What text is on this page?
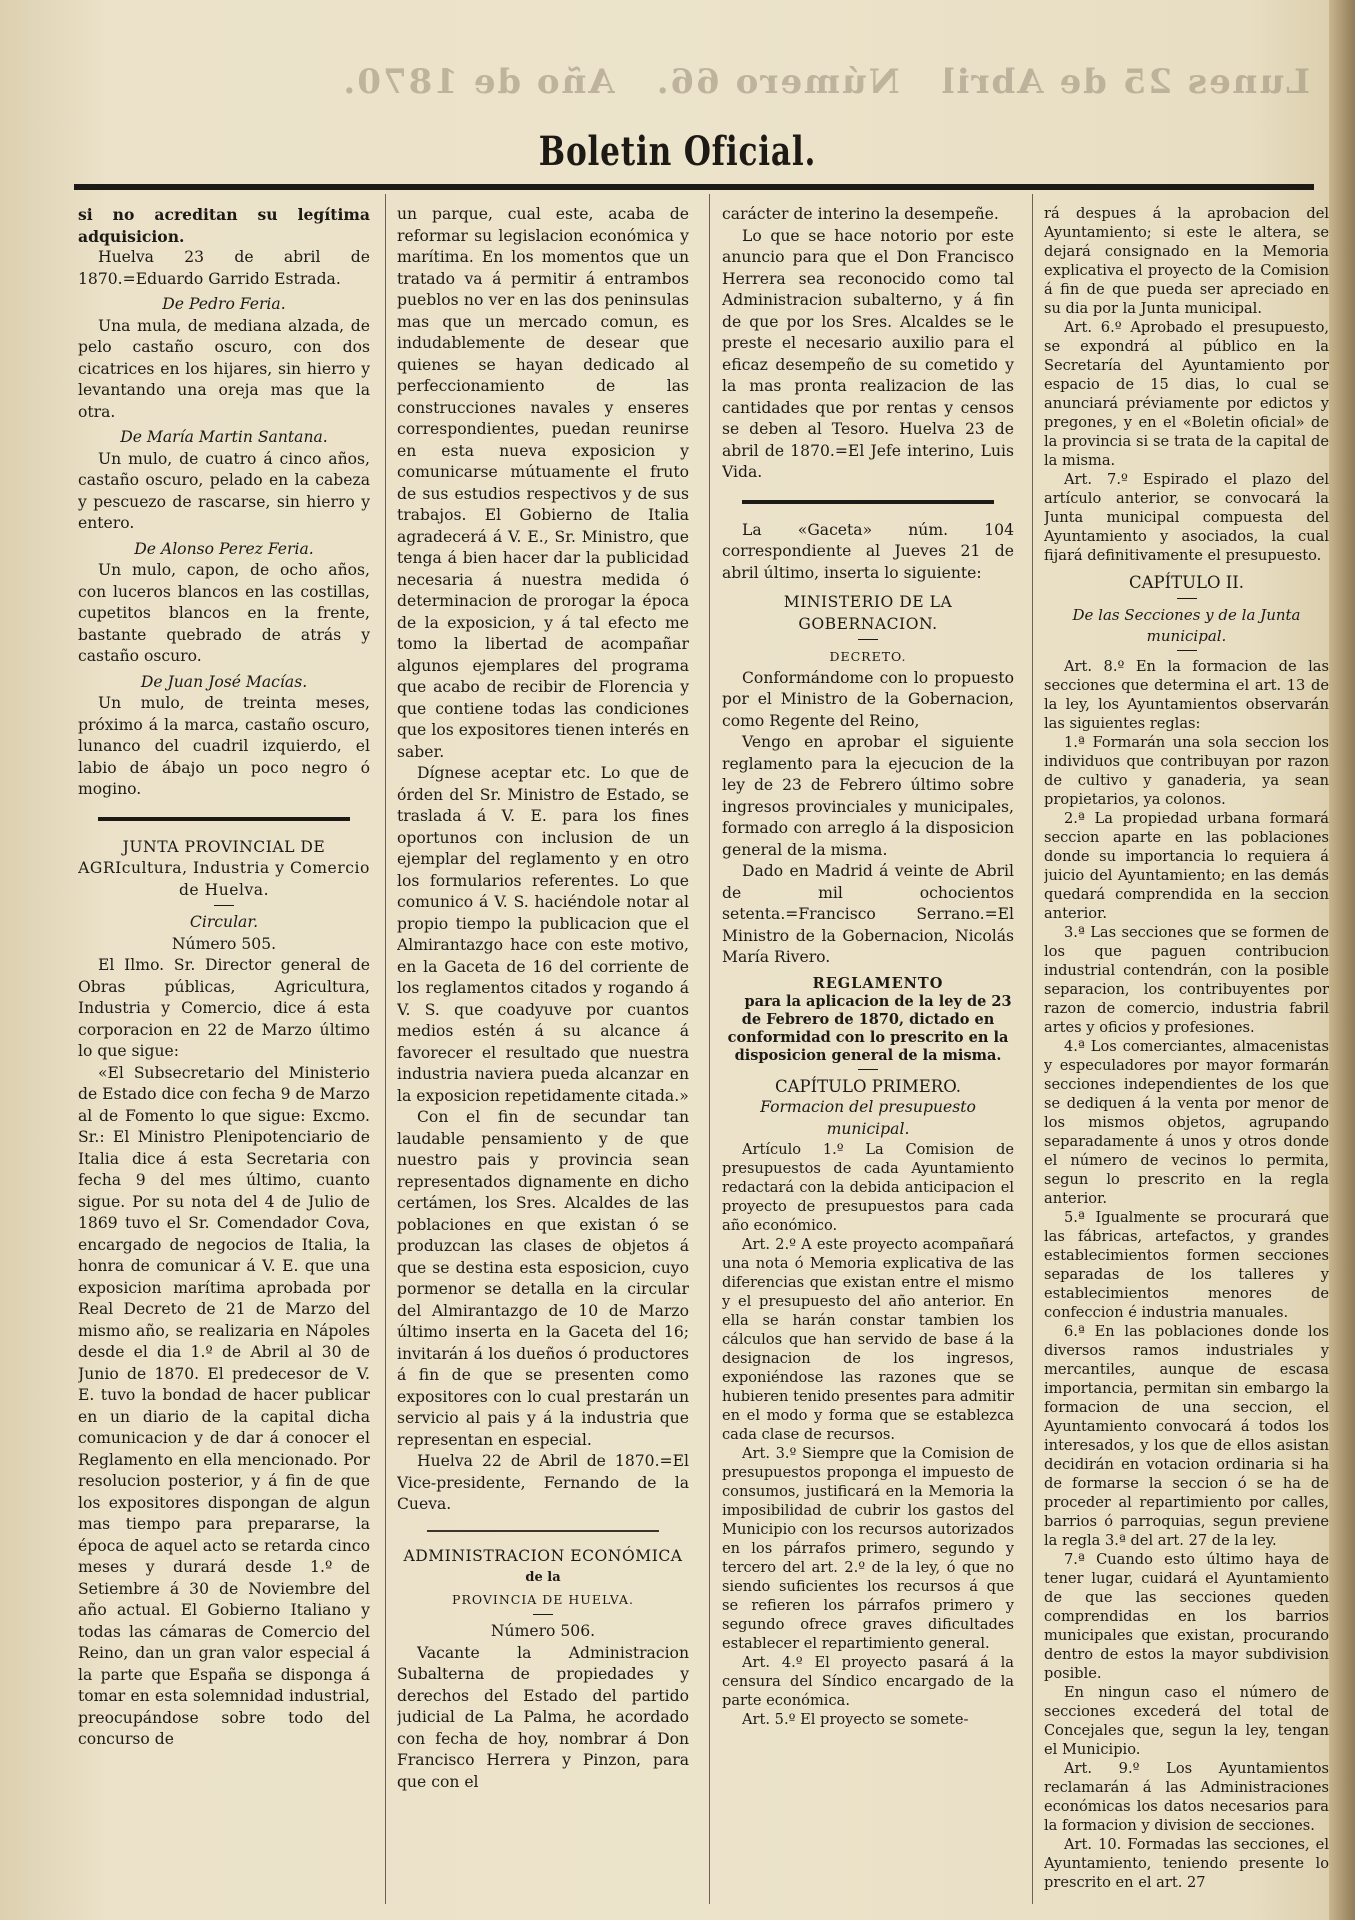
Lunes 25 de Abril
Número 66.
Año de 1870.
Boletin Oficial.

si no acreditan su legítima adquisicion.

Huelva 23 de abril de 1870.=Eduardo Garrido Estrada.

De Pedro Feria.

Una mula, de mediana alzada, de pelo castaño oscuro, con dos cicatrices en los hijares, sin hierro y levantando una oreja mas que la otra.

De María Martin Santana.

Un mulo, de cuatro á cinco años, castaño oscuro, pelado en la cabeza y pescuezo de rascarse, sin hierro y entero.

De Alonso Perez Feria.

Un mulo, capon, de ocho años, con luceros blancos en las costillas, cupetitos blancos en la frente, bastante quebrado de atrás y castaño oscuro.

De Juan José Macías.

Un mulo, de treinta meses, próximo á la marca, castaño oscuro, lunanco del cuadril izquierdo, el labio de ábajo un poco negro ó mogino.

JUNTA PROVINCIAL DE AGRIcultura, Industria y Comercio de Huelva.

Circular.

Número 505.

El Ilmo. Sr. Director general de Obras públicas, Agricultura, Industria y Comercio, dice á esta corporacion en 22 de Marzo último lo que sigue:

«El Subsecretario del Ministerio de Estado dice con fecha 9 de Marzo al de Fomento lo que sigue: Excmo. Sr.: El Ministro Plenipotenciario de Italia dice á esta Secretaria con fecha 9 del mes último, cuanto sigue. Por su nota del 4 de Julio de 1869 tuvo el Sr. Comendador Cova, encargado de negocios de Italia, la honra de comunicar á V. E. que una exposicion marítima aprobada por Real Decreto de 21 de Marzo del mismo año, se realizaria en Nápoles desde el dia 1.º de Abril al 30 de Junio de 1870. El predecesor de V. E. tuvo la bondad de hacer publicar en un diario de la capital dicha comunicacion y de dar á conocer el Reglamento en ella mencionado. Por resolucion posterior, y á fin de que los expositores dispongan de algun mas tiempo para prepararse, la época de aquel acto se retarda cinco meses y durará desde 1.º de Setiembre á 30 de Noviembre del año actual. El Gobierno Italiano y todas las cámaras de Comercio del Reino, dan un gran valor especial á la parte que España se disponga á tomar en esta solemnidad industrial, preocupándose sobre todo del concurso de

un parque, cual este, acaba de reformar su legislacion económica y marítima. En los momentos que un tratado va á permitir á entrambos pueblos no ver en las dos peninsulas mas que un mercado comun, es indudablemente de desear que quienes se hayan dedicado al perfeccionamiento de las construcciones navales y enseres correspondientes, puedan reunirse en esta nueva exposicion y comunicarse mútuamente el fruto de sus estudios respectivos y de sus trabajos. El Gobierno de Italia agradecerá á V. E., Sr. Ministro, que tenga á bien hacer dar la publicidad necesaria á nuestra medida ó determinacion de prorogar la época de la exposicion, y á tal efecto me tomo la libertad de acompañar algunos ejemplares del programa que acabo de recibir de Florencia y que contiene todas las condiciones que los expositores tienen interés en saber.

Dígnese aceptar etc. Lo que de órden del Sr. Ministro de Estado, se traslada á V. E. para los fines oportunos con inclusion de un ejemplar del reglamento y en otro los formularios referentes. Lo que comunico á V. S. haciéndole notar al propio tiempo la publicacion que el Almirantazgo hace con este motivo, en la Gaceta de 16 del corriente de los reglamentos citados y rogando á V. S. que coadyuve por cuantos medios estén á su alcance á favorecer el resultado que nuestra industria naviera pueda alcanzar en la exposicion repetidamente citada.»

Con el fin de secundar tan laudable pensamiento y de que nuestro pais y provincia sean representados dignamente en dicho certámen, los Sres. Alcaldes de las poblaciones en que existan ó se produzcan las clases de objetos á que se destina esta esposicion, cuyo pormenor se detalla en la circular del Almirantazgo de 10 de Marzo último inserta en la Gaceta del 16; invitarán á los dueños ó productores á fin de que se presenten como expositores con lo cual prestarán un servicio al pais y á la industria que representan en especial.

Huelva 22 de Abril de 1870.=El Vice-presidente, Fernando de la Cueva.

ADMINISTRACION ECONÓMICA

de la

PROVINCIA DE HUELVA.

Número 506.

Vacante la Administracion Subalterna de propiedades y derechos del Estado del partido judicial de La Palma, he acordado con fecha de hoy, nombrar á Don Francisco Herrera y Pinzon, para que con el

carácter de interino la desempeñe.

Lo que se hace notorio por este anuncio para que el Don Francisco Herrera sea reconocido como tal Administracion subalterno, y á fin de que por los Sres. Alcaldes se le preste el necesario auxilio para el eficaz desempeño de su cometido y la mas pronta realizacion de las cantidades que por rentas y censos se deben al Tesoro. Huelva 23 de abril de 1870.=El Jefe interino, Luis Vida.

La «Gaceta» núm. 104 correspondiente al Jueves 21 de abril último, inserta lo siguiente:

MINISTERIO DE LA GOBERNACION.

DECRETO.

Conformándome con lo propuesto por el Ministro de la Gobernacion, como Regente del Reino,

Vengo en aprobar el siguiente reglamento para la ejecucion de la ley de 23 de Febrero último sobre ingresos provinciales y municipales, formado con arreglo á la disposicion general de la misma.

Dado en Madrid á veinte de Abril de mil ochocientos setenta.=Francisco Serrano.=El Ministro de la Gobernacion, Nicolás María Rivero.

REGLAMENTO

para la aplicacion de la ley de 23 de Febrero de 1870, dictado en conformidad con lo prescrito en la disposicion general de la misma.

CAPÍTULO PRIMERO.

Formacion del presupuesto municipal.

Artículo 1.º La Comision de presupuestos de cada Ayuntamiento redactará con la debida anticipacion el proyecto de presupuestos para cada año económico.

Art. 2.º A este proyecto acompañará una nota ó Memoria explicativa de las diferencias que existan entre el mismo y el presupuesto del año anterior. En ella se harán constar tambien los cálculos que han servido de base á la designacion de los ingresos, exponiéndose las razones que se hubieren tenido presentes para admitir en el modo y forma que se establezca cada clase de recursos.

Art. 3.º Siempre que la Comision de presupuestos proponga el impuesto de consumos, justificará en la Memoria la imposibilidad de cubrir los gastos del Municipio con los recursos autorizados en los párrafos primero, segundo y tercero del art. 2.º de la ley, ó que no siendo suficientes los recursos á que se refieren los párrafos primero y segundo ofrece graves dificultades establecer el repartimiento general.

Art. 4.º El proyecto pasará á la censura del Síndico encargado de la parte económica.

Art. 5.º El proyecto se somete-

rá despues á la aprobacion del Ayuntamiento; si este le altera, se dejará consignado en la Memoria explicativa el proyecto de la Comision á fin de que pueda ser apreciado en su dia por la Junta municipal.

Art. 6.º Aprobado el presupuesto, se expondrá al público en la Secretaría del Ayuntamiento por espacio de 15 dias, lo cual se anunciará préviamente por edictos y pregones, y en el «Boletin oficial» de la provincia si se trata de la capital de la misma.

Art. 7.º Espirado el plazo del artículo anterior, se convocará la Junta municipal compuesta del Ayuntamiento y asociados, la cual fijará definitivamente el presupuesto.

CAPÍTULO II.

De las Secciones y de la Junta municipal.

Art. 8.º En la formacion de las secciones que determina el art. 13 de la ley, los Ayuntamientos observarán las siguientes reglas:

1.ª Formarán una sola seccion los individuos que contribuyan por razon de cultivo y ganaderia, ya sean propietarios, ya colonos.

2.ª La propiedad urbana formará seccion aparte en las poblaciones donde su importancia lo requiera á juicio del Ayuntamiento; en las demás quedará comprendida en la seccion anterior.

3.ª Las secciones que se formen de los que paguen contribucion industrial contendrán, con la posible separacion, los contribuyentes por razon de comercio, industria fabril artes y oficios y profesiones.

4.ª Los comerciantes, almacenistas y especuladores por mayor formarán secciones independientes de los que se dediquen á la venta por menor de los mismos objetos, agrupando separadamente á unos y otros donde el número de vecinos lo permita, segun lo prescrito en la regla anterior.

5.ª Igualmente se procurará que las fábricas, artefactos, y grandes establecimientos formen secciones separadas de los talleres y establecimientos menores de confeccion é industria manuales.

6.ª En las poblaciones donde los diversos ramos industriales y mercantiles, aunque de escasa importancia, permitan sin embargo la formacion de una seccion, el Ayuntamiento convocará á todos los interesados, y los que de ellos asistan decidirán en votacion ordinaria si ha de formarse la seccion ó se ha de proceder al repartimiento por calles, barrios ó parroquias, segun previene la regla 3.ª del art. 27 de la ley.

7.ª Cuando esto último haya de tener lugar, cuidará el Ayuntamiento de que las secciones queden comprendidas en los barrios municipales que existan, procurando dentro de estos la mayor subdivision posible.

En ningun caso el número de secciones excederá del total de Concejales que, segun la ley, tengan el Municipio.

Art. 9.º Los Ayuntamientos reclamarán á las Administraciones económicas los datos necesarios para la formacion y division de secciones.

Art. 10. Formadas las secciones, el Ayuntamiento, teniendo presente lo prescrito en el art. 27
